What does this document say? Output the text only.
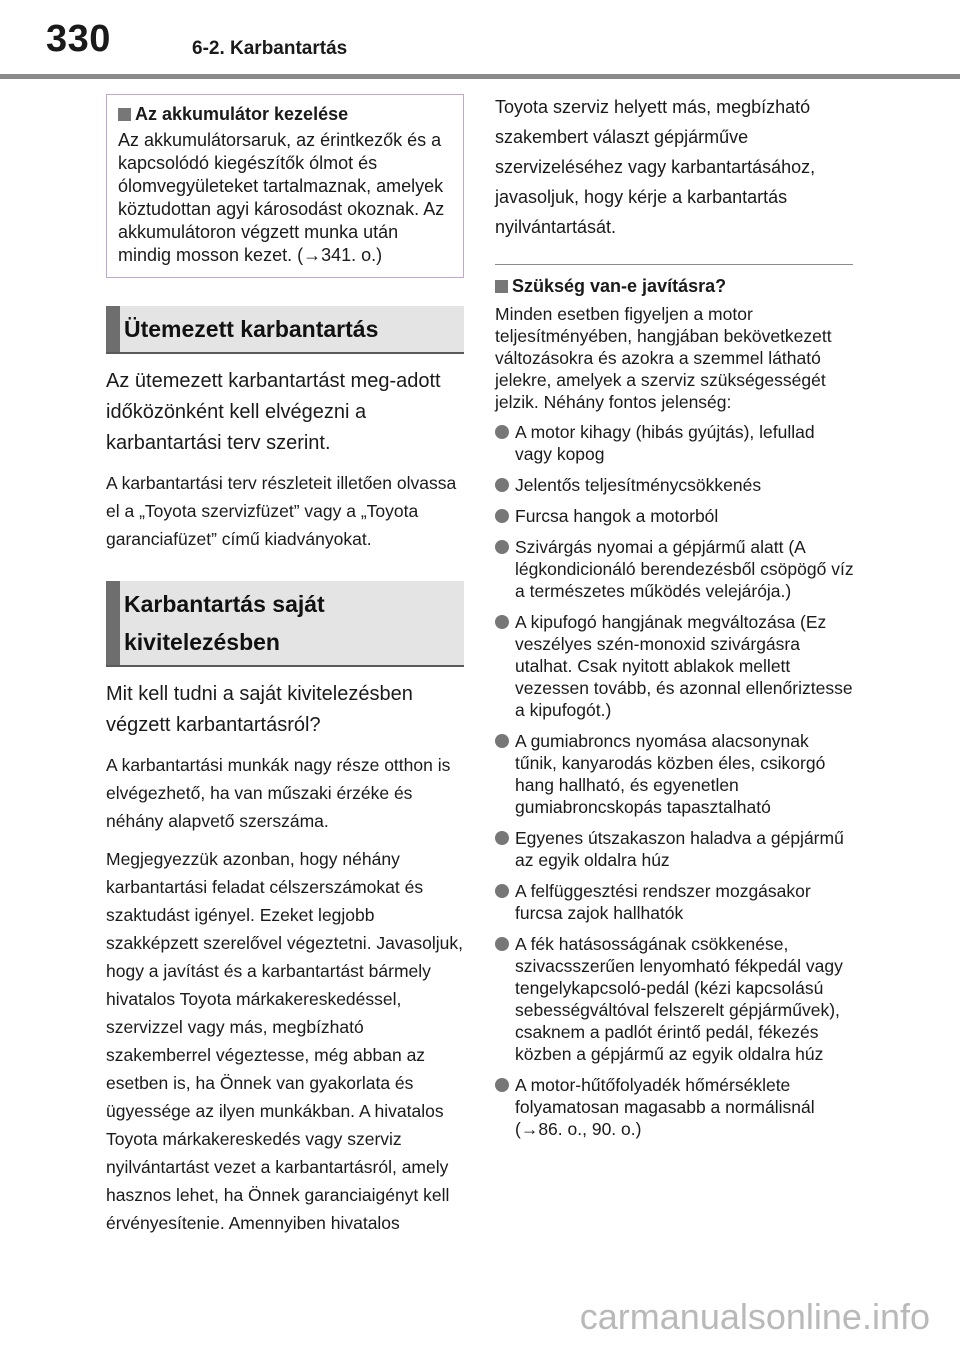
330	6-2. Karbantartás
Az akkumulátor kezelése
Az akkumulátorsaruk, az érintkezők és a kapcsolódó kiegészítők ólmot és ólomvegyületeket tartalmaznak, amelyek köztudottan agyi károsodást okoznak. Az akkumulátoron végzett munka után mindig mosson kezet. (→341. o.)
Ütemezett karbantartás
Az ütemezett karbantartást meg-adott időközönként kell elvégezni a karbantartási terv szerint.
A karbantartási terv részleteit illetően olvassa el a „Toyota szervizfüzet” vagy a „Toyota garanciafüzet” című kiadványokat.
Karbantartás saját kivitelezésben
Mit kell tudni a saját kivitelezésben végzett karbantartásról?
A karbantartási munkák nagy része otthon is elvégezhető, ha van műszaki érzéke és néhány alapvető szerszáma.
Megjegyezzük azonban, hogy néhány karbantartási feladat célszerszámokat és szaktudást igényel. Ezeket legjobb szakképzett szerelővel végeztetni. Javasoljuk, hogy a javítást és a karbantartást bármely hivatalos Toyota márkakereskedéssel, szervizzel vagy más, megbízható szakemberrel végeztesse, még abban az esetben is, ha Önnek van gyakorlata és ügyessége az ilyen munkákban. A hivatalos Toyota márkakereskedés vagy szerviz nyilvántartást vezet a karbantartásról, amely hasznos lehet, ha Önnek garanciaigényt kell érvényesítenie. Amennyiben hivatalos
Toyota szerviz helyett más, megbízható szakembert választ gépjárműve szervizeléséhez vagy karbantartásához, javasoljuk, hogy kérje a karbantartás nyilvántartását.
Szükség van-e javításra?
Minden esetben figyeljen a motor teljesítményében, hangjában bekövetkezett változásokra és azokra a szemmel látható jelekre, amelyek a szerviz szükségességét jelzik. Néhány fontos jelenség:
A motor kihagy (hibás gyújtás), lefullad vagy kopog
Jelentős teljesítménycsökkenés
Furcsa hangok a motorból
Szivárgás nyomai a gépjármű alatt (A légkondicionáló berendezésből csöpögő víz a természetes működés velejárója.)
A kipufogó hangjának megváltozása (Ez veszélyes szén-monoxid szivárgásra utalhat. Csak nyitott ablakok mellett vezessen tovább, és azonnal ellenőriztesse a kipufogót.)
A gumiabroncs nyomása alacsonynak tűnik, kanyarodás közben éles, csikorgó hang hallható, és egyenetlen gumiabroncskopás tapasztalható
Egyenes útszakaszon haladva a gépjármű az egyik oldalra húz
A felfüggesztési rendszer mozgásakor furcsa zajok hallhatók
A fék hatásosságának csökkenése, szivacsszerűen lenyomható fékpedál vagy tengelykapcsoló-pedál (kézi kapcsolású sebességváltóval felszerelt gépjárművek), csaknem a padlót érintő pedál, fékezés közben a gépjármű az egyik oldalra húz
A motor-hűtőfolyadék hőmérséklete folyamatosan magasabb a normálisnál (→86. o., 90. o.)
carmanualsonline.info
